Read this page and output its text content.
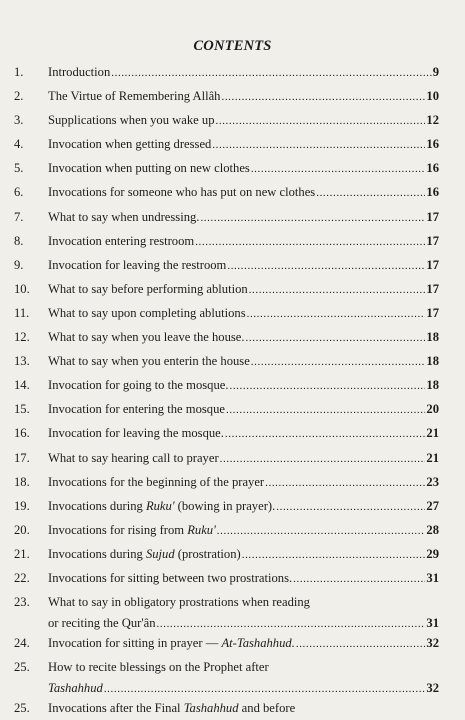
CONTENTS
1.	Introduction .....	9
2.	The Virtue of Remembering Allâh .....	10
3.	Supplications when you wake up .....	12
4.	Invocation when getting dressed .....	16
5.	Invocation when putting on new clothes .....	16
6.	Invocations for someone who has put on new clothes .....	16
7.	What to say when undressing. .....	17
8.	Invocation entering restroom .....	17
9.	Invocation for leaving the restroom .....	17
10.	What to say before performing ablution .....	17
11.	What to say upon completing ablutions .....	17
12.	What to say when you leave the house. .....	18
13.	What to say when you enterin the house .....	18
14.	Invocation for going to the mosque. .....	18
15.	Invocation for entering the mosque .....	20
16.	Invocation for leaving the mosque. .....	21
17.	What to say hearing call to prayer .....	21
18.	Invocations for the beginning of the prayer .....	23
19.	Invocations during Ruku' (bowing in prayer). .....	27
20.	Invocations for rising from Ruku' .....	28
21.	Invocations during Sujud (prostration) .....	29
22.	Invocations for sitting between two prostrations. .....	31
23.	What to say in obligatory prostrations when reading
or reciting the Qur'ân .....	31
24.	Invocation for sitting in prayer — At-Tashahhud. .....	32
25.	How to recite blessings on the Prophet after
Tashahhud .....	32
25.	Invocations after the Final Tashahhud and before
